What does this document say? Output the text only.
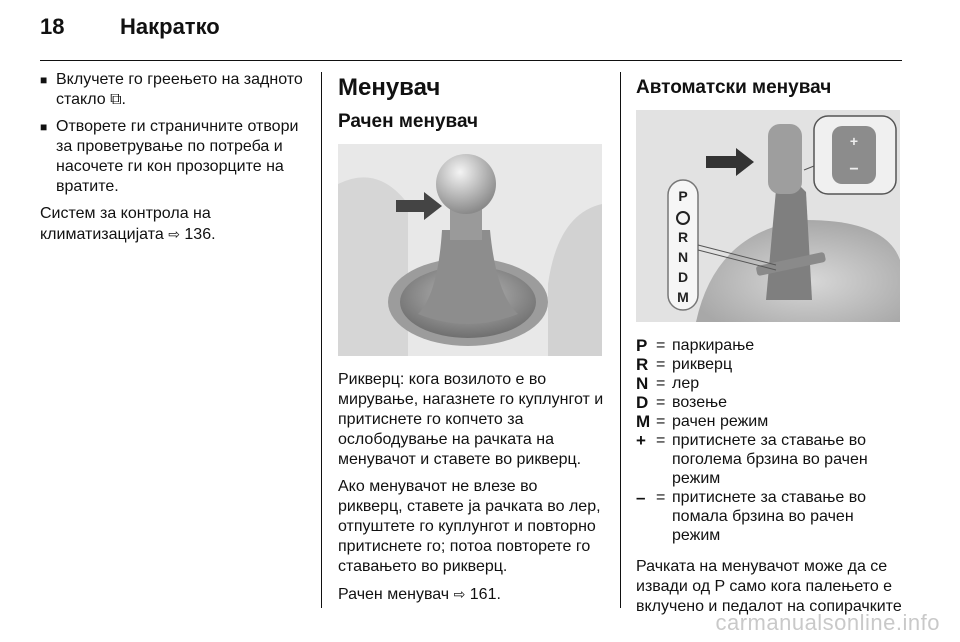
18	Накратко
■ Вклучете го греењето на задното стакло ⧉.
■ Отворете ги страничните отвори за проветрување по потреба и насочете ги кон прозорците на вратите.
Систем за контрола на климатизацијата ⇨ 136.
Менувач
Рачен менувач
Рикверц: кога возилото е во мирување, нагазнете го куплунгот и притиснете го копчето за ослободување на рачката на менувачот и ставете во рикверц.
Ако менувачот не влезе во рикверц, ставете ја рачката во лер, отпуштете го куплунгот и повторно притиснете го; потоа повторете го ставањето во рикверц.
Рачен менувач ⇨ 161.
Автоматски менувач
P
R
N
D
M
+
−
P = паркирање
R = рикверц
N = лер
D = возење
M = рачен режим
+ = притиснете за ставање во поголема брзина во рачен режим
– = притиснете за ставање во помала брзина во рачен режим
Рачката на менувачот може да се извади од P само кога палењето е вклучено и педалот на сопирачките
carmanualsonline.info
